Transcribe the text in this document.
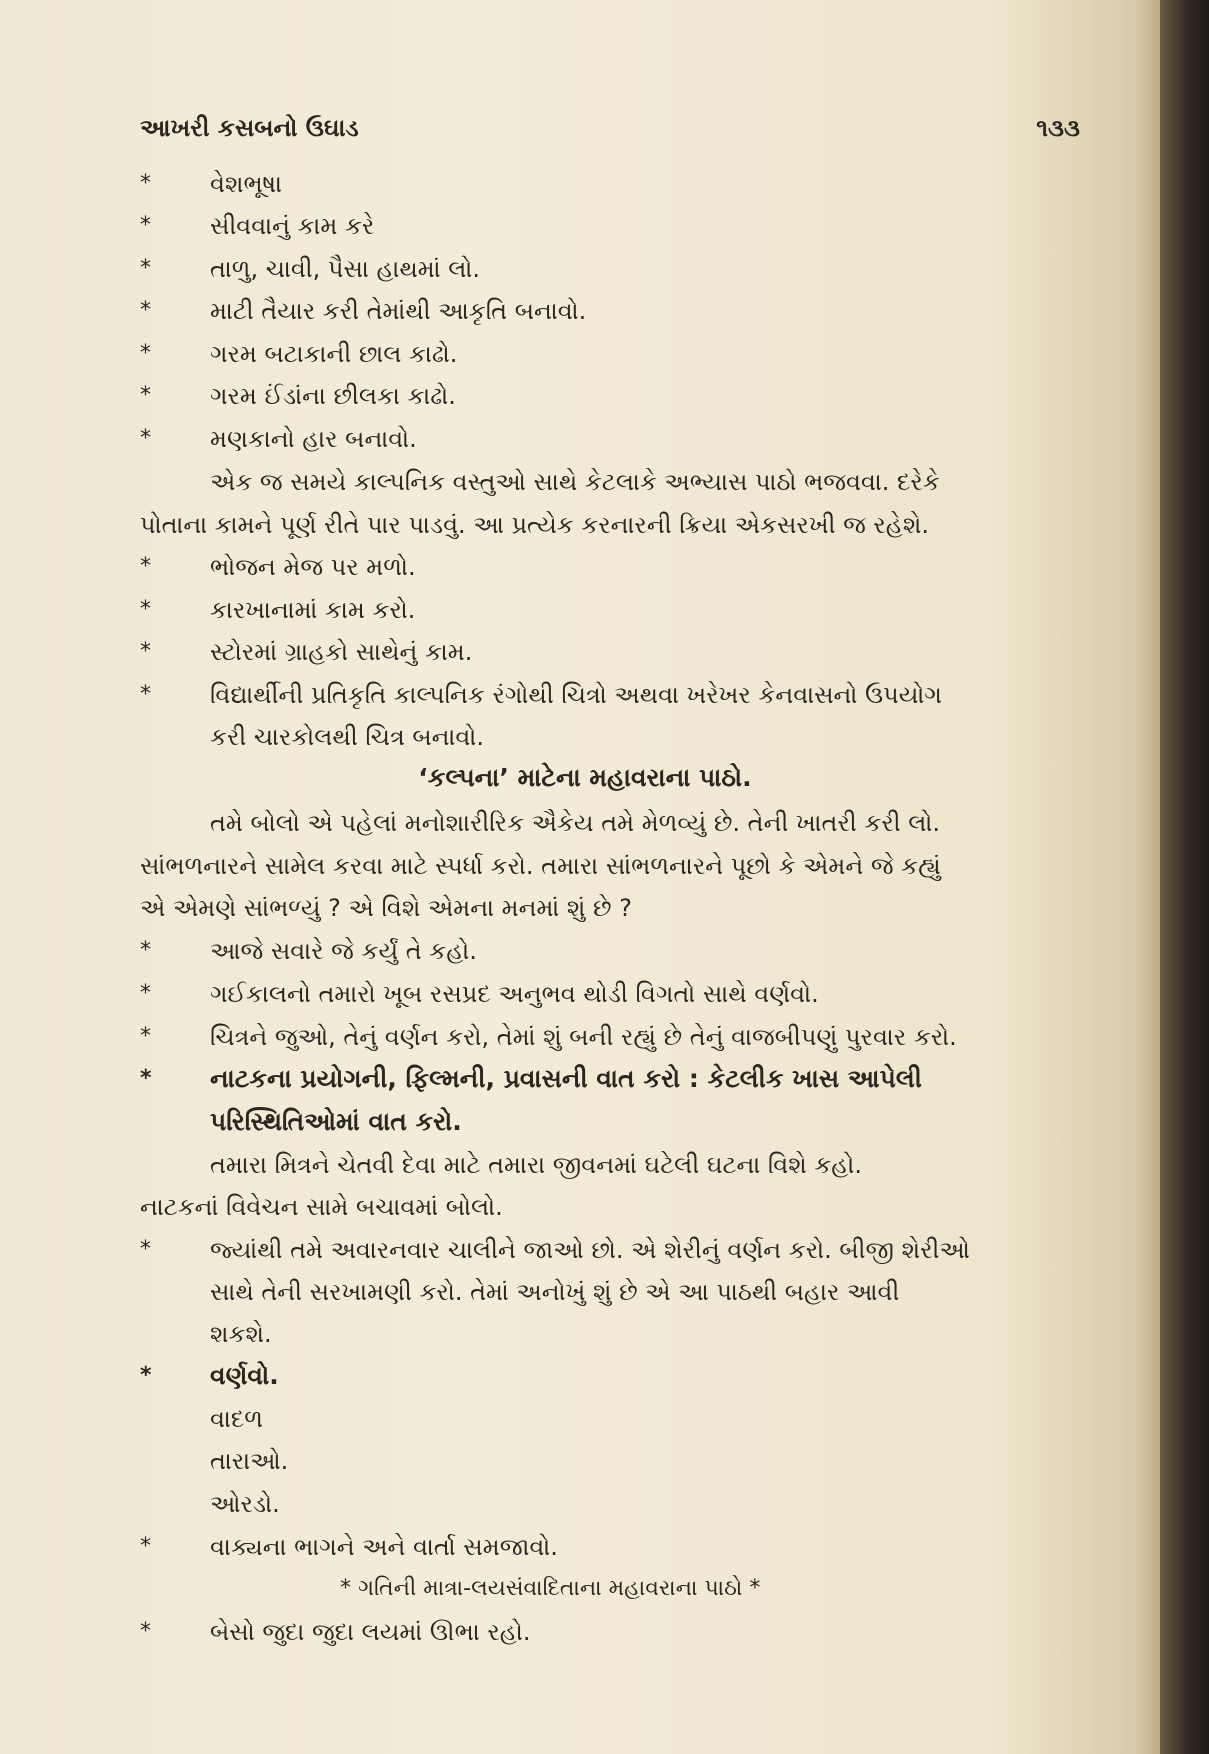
આખરી કસબનો ઉઘાડ	૧૩૩
* વેશભૂષા
* સીવવાનું કામ કરે
* તાળુ, ચાવી, પૈસા હાથમાં લો.
* માટી તૈયાર કરી તેમાંથી આકૃતિ બનાવો.
* ગરમ બટાકાની છાલ કાઢો.
* ગરમ ઈંડાંના છીલકા કાઢો.
* મણકાનો હાર બનાવો.
એક જ સમયે કાલ્પનિક વસ્તુઓ સાથે કેટલાકે અભ્યાસ પાઠો ભજવવા. દરેકે
પોતાના કામને પૂર્ણ રીતે પાર પાડવું. આ પ્રત્યેક કરનારની ક્રિયા એકસરખી જ રહેશે.
* ભોજન મેજ પર મળો.
* કારખાનામાં કામ કરો.
* સ્ટોરમાં ગ્રાહકો સાથેનું કામ.
* વિદ્યાર્થીની પ્રતિકૃતિ કાલ્પનિક રંગોથી ચિત્રો અથવા ખરેખર કેનવાસનો ઉપયોગ
કરી ચારકોલથી ચિત્ર બનાવો.
‘કલ્પના’ માટેના મહાવરાના પાઠો.
તમે બોલો એ પહેલાં મનોશારીરિક ઐકેય તમે મેળવ્યું છે. તેની ખાતરી કરી લો.
સાંભળનારને સામેલ કરવા માટે સ્પર્ધા કરો. તમારા સાંભળનારને પૂછો કે એમને જે કહ્યું
એ એમણે સાંભળ્યું ? એ વિશે એમના મનમાં શું છે ?
* આજે સવારે જે કર્યું તે કહો.
* ગઈકાલનો તમારો ખૂબ રસપ્રદ અનુભવ થોડી વિગતો સાથે વર્ણવો.
* ચિત્રને જુઓ, તેનું વર્ણન કરો, તેમાં શું બની રહ્યું છે તેનું વાજબીપણું પુરવાર કરો.
* નાટકના પ્રયોગની, ફિલ્મની, પ્રવાસની વાત કરો : કેટલીક ખાસ આપેલી
પરિસ્થિતિઓમાં વાત કરો.
તમારા મિત્રને ચેતવી દેવા માટે તમારા જીવનમાં ઘટેલી ઘટના વિશે કહો.
નાટકનાં વિવેચન સામે બચાવમાં બોલો.
* જ્યાંથી તમે અવારનવાર ચાલીને જાઓ છો. એ શેરીનું વર્ણન કરો. બીજી શેરીઓ
સાથે તેની સરખામણી કરો. તેમાં અનોખું શું છે એ આ પાઠથી બહાર આવી
શકશે.
* વર્ણવો.
વાદળ
તારાઓ.
ઓરડો.
* વાક્યના ભાગને અને વાર્તા સમજાવો.
* ગતિની માત્રા-લયસંવાદિતાના મહાવરાના પાઠો *
* બેસો જુદા જુદા લયમાં ઊભા રહો.
